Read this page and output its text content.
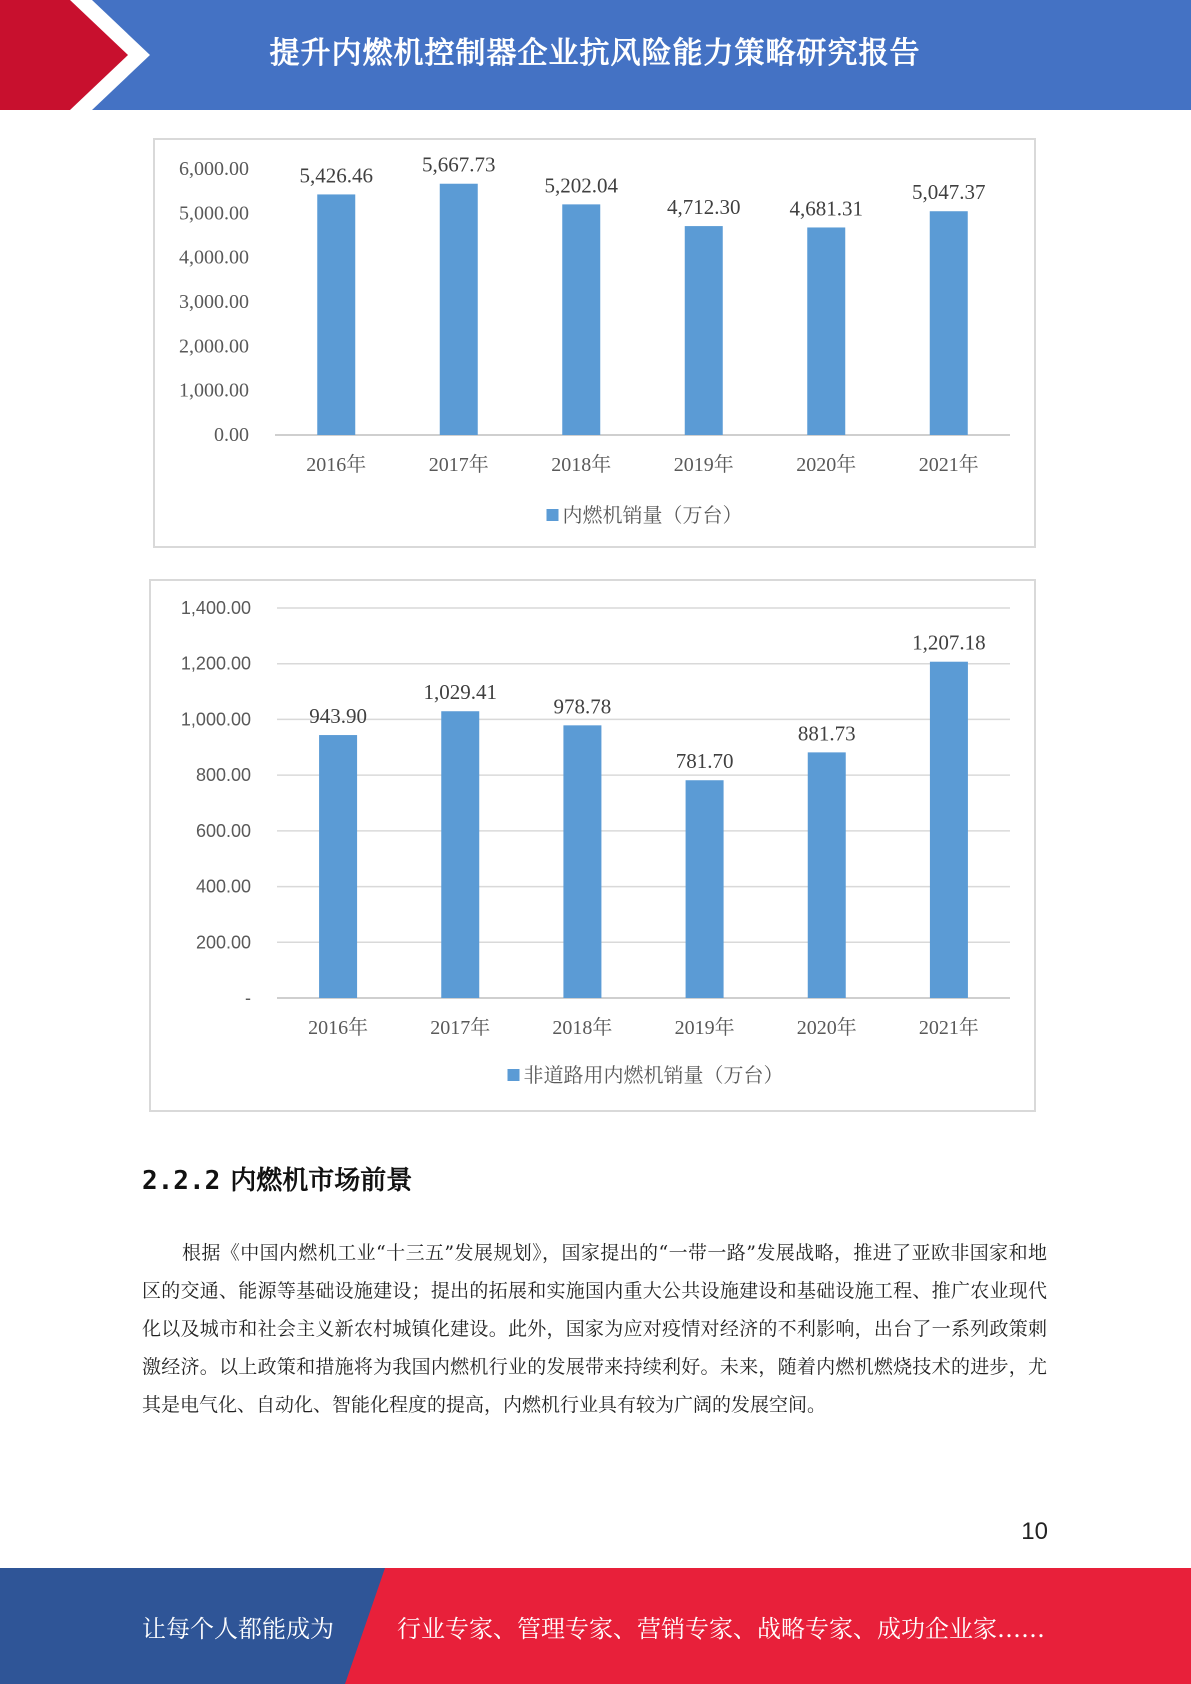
提升内燃机控制器企业抗风险能力策略研究报告
0.00
1,000.00
2,000.00
3,000.00
4,000.00
5,000.00
6,000.00 5,426.46
2016年
5,667.73
2017年
5,202.04
2018年
4,712.30
2019年
4,681.31
2020年
5,047.37
2021年
内燃机销量（万台）
-
200.00
400.00
600.00
800.00
1,000.00
1,200.00
1,400.00
943.90
2016年
1,029.41
2017年
978.78
2018年
781.70
2019年
881.73
2020年
1,207.18
2021年
非道路用内燃机销量（万台）
2.2.2 内燃机市场前景
根据《中国内燃机工业“十三五”发展规划》，国家提出的“一带一路”发展战略，推进了亚欧非国家和地区的交通、能源等基础设施建设；提出的拓展和实施国内重大公共设施建设和基础设施工程、推广农业现代化以及城市和社会主义新农村城镇化建设。此外，国家为应对疫情对经济的不利影响，出台了一系列政策刺激经济。以上政策和措施将为我国内燃机行业的发展带来持续利好。未来，随着内燃机燃烧技术的进步，尤其是电气化、自动化、智能化程度的提高，内燃机行业具有较为广阔的发展空间。
10
让每个人都能成为	行业专家、管理专家、营销专家、战略专家、成功企业家……
